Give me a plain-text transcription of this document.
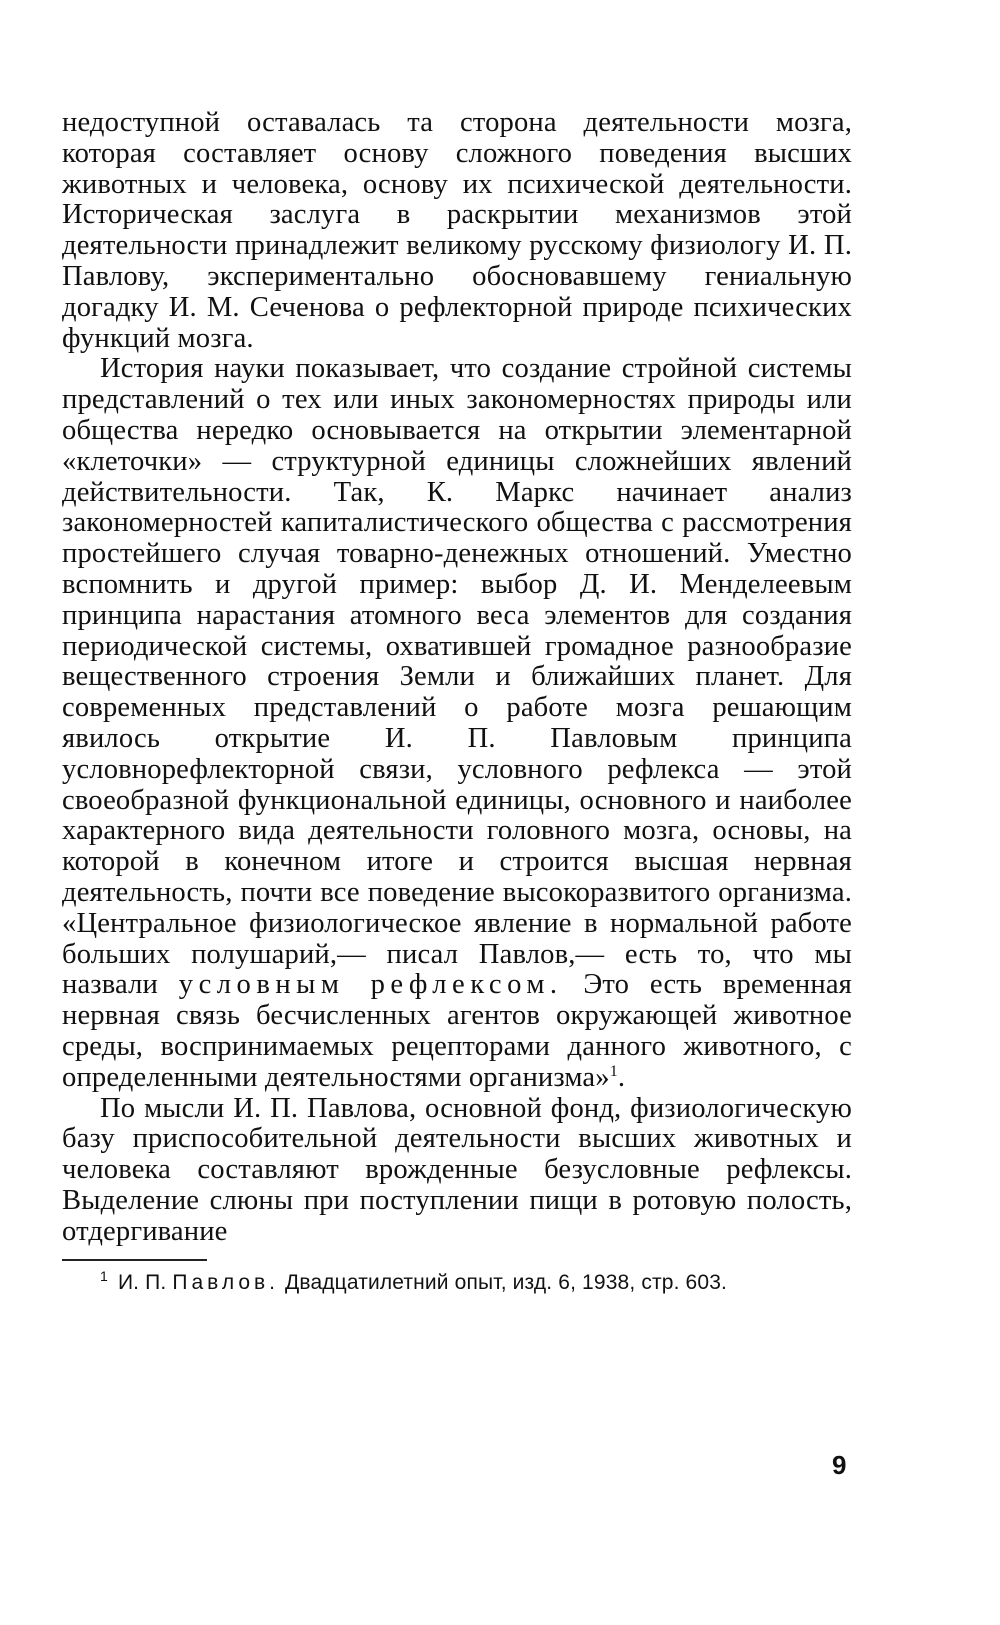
недоступной оставалась та сторона деятельности мозга, которая составляет основу сложного поведения высших животных и человека, основу их психической деятельности. Историческая заслуга в раскрытии механизмов этой деятельности принадлежит великому русскому физиологу И. П. Павлову, экспериментально обосновавшему гениальную догадку И. М. Сеченова о рефлекторной природе психических функций мозга.

История науки показывает, что создание стройной системы представлений о тех или иных закономерностях природы или общества нередко основывается на открытии элементарной «клеточки» — структурной единицы сложнейших явлений действительности. Так, К. Маркс начинает анализ закономерностей капиталистического общества с рассмотрения простейшего случая товарно-денежных отношений. Уместно вспомнить и другой пример: выбор Д. И. Менделеевым принципа нарастания атомного веса элементов для создания периодической системы, охватившей громадное разнообразие вещественного строения Земли и ближайших планет. Для современных представлений о работе мозга решающим явилось открытие И. П. Павловым принципа условнорефлекторной связи, условного рефлекса — этой своеобразной функциональной единицы, основного и наиболее характерного вида деятельности головного мозга, основы, на которой в конечном итоге и строится высшая нервная деятельность, почти все поведение высокоразвитого организма. «Центральное физиологическое явление в нормальной работе больших полушарий,— писал Павлов,— есть то, что мы назвали условным рефлексом. Это есть временная нервная связь бесчисленных агентов окружающей животное среды, воспринимаемых рецепторами данного животного, с определенными деятельностями организма»$^1$.

По мысли И. П. Павлова, основной фонд, физиологическую базу приспособительной деятельности высших животных и человека составляют врожденные безусловные рефлексы. Выделение слюны при поступлении пищи в ротовую полость, отдергивание

$^1$ И. П. Павлов. Двадцатилетний опыт, изд. 6, 1938, стр. 603.

9
